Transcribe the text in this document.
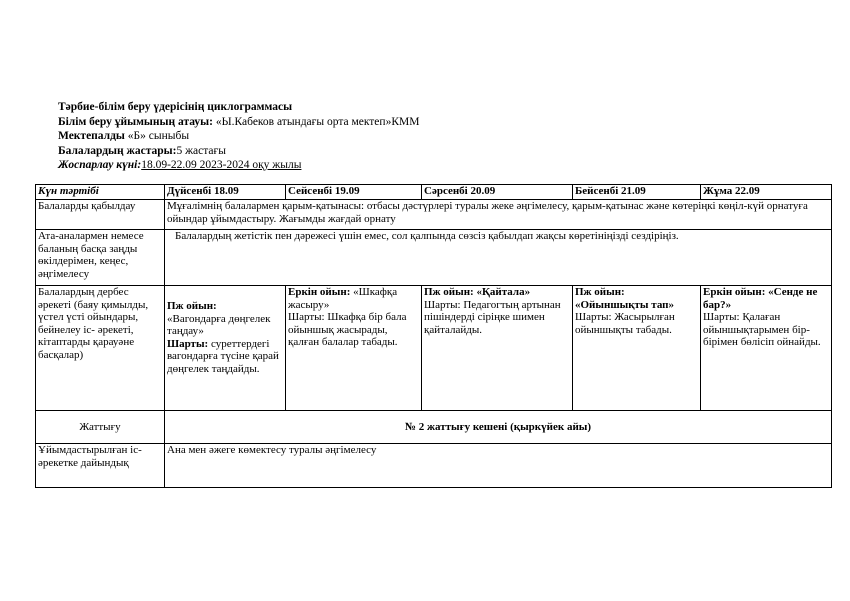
Тәрбие-білім беру үдерісінің циклограммасы
Білім беру ұйымының атауы: «Ы.Кабеков атындағы орта мектеп»КММ
Мектепалды «Б» сыныбы
Балалардың жастары:5 жастағы
Жоспарлау күні:18.09-22.09 2023-2024 оқу жылы
Күн тәртібі	Дүйсенбі 18.09	Сейсенбі 19.09	Сәрсенбі 20.09	Бейсенбі 21.09	Жұма 22.09
Балаларды қабылдау	Мұғалімнің балалармен қарым-қатынасы: отбасы дәстүрлері туралы жеке әңгімелесу, қарым-қатынас және көтеріңкі көңіл-күй орнатуға ойындар ұйымдастыру. Жағымды жағдай орнату				
Ата-аналармен немесе баланың басқа заңды өкілдерімен, кеңес, әңгімелесу	Балалардың жетістік пен дәрежесі үшін емес, сол қалпында сөзсіз қабылдап жақсы көретініңізді сездіріңіз.				
Балалардың дербес әрекеті (баяу қимылды, үстел үсті ойындары, бейнелеу іс- әрекеті, кітаптарды қарауәне басқалар)	Пж ойын:
«Вагондарға дөңгелек таңдау»
Шарты: суреттердегі вагондарға түсіне қарай дөңгелек таңдайды.	Еркін ойын: «Шкафқа жасыру»
Шарты: Шкафқа бір бала ойыншық жасырады, қалған балалар табады.	Пж ойын: «Қайтала»
Шарты: Педагогтың артынан пішіндерді сіріңке шимен қайталайды.	Пж ойын:
«Ойыншықты тап»
Шарты: Жасырылған ойыншықты табады.	Еркін ойын: «Сенде не бар?»
Шарты: Қалаған ойыншықтарымен бір-бірімен бөлісіп ойнайды.
Жаттығу	№ 2 жаттығу кешені (қыркүйек айы)				
Ұйымдастырылған іс-әрекетке дайындық	Ана мен әжеге көмектесу туралы әңгімелесу				
